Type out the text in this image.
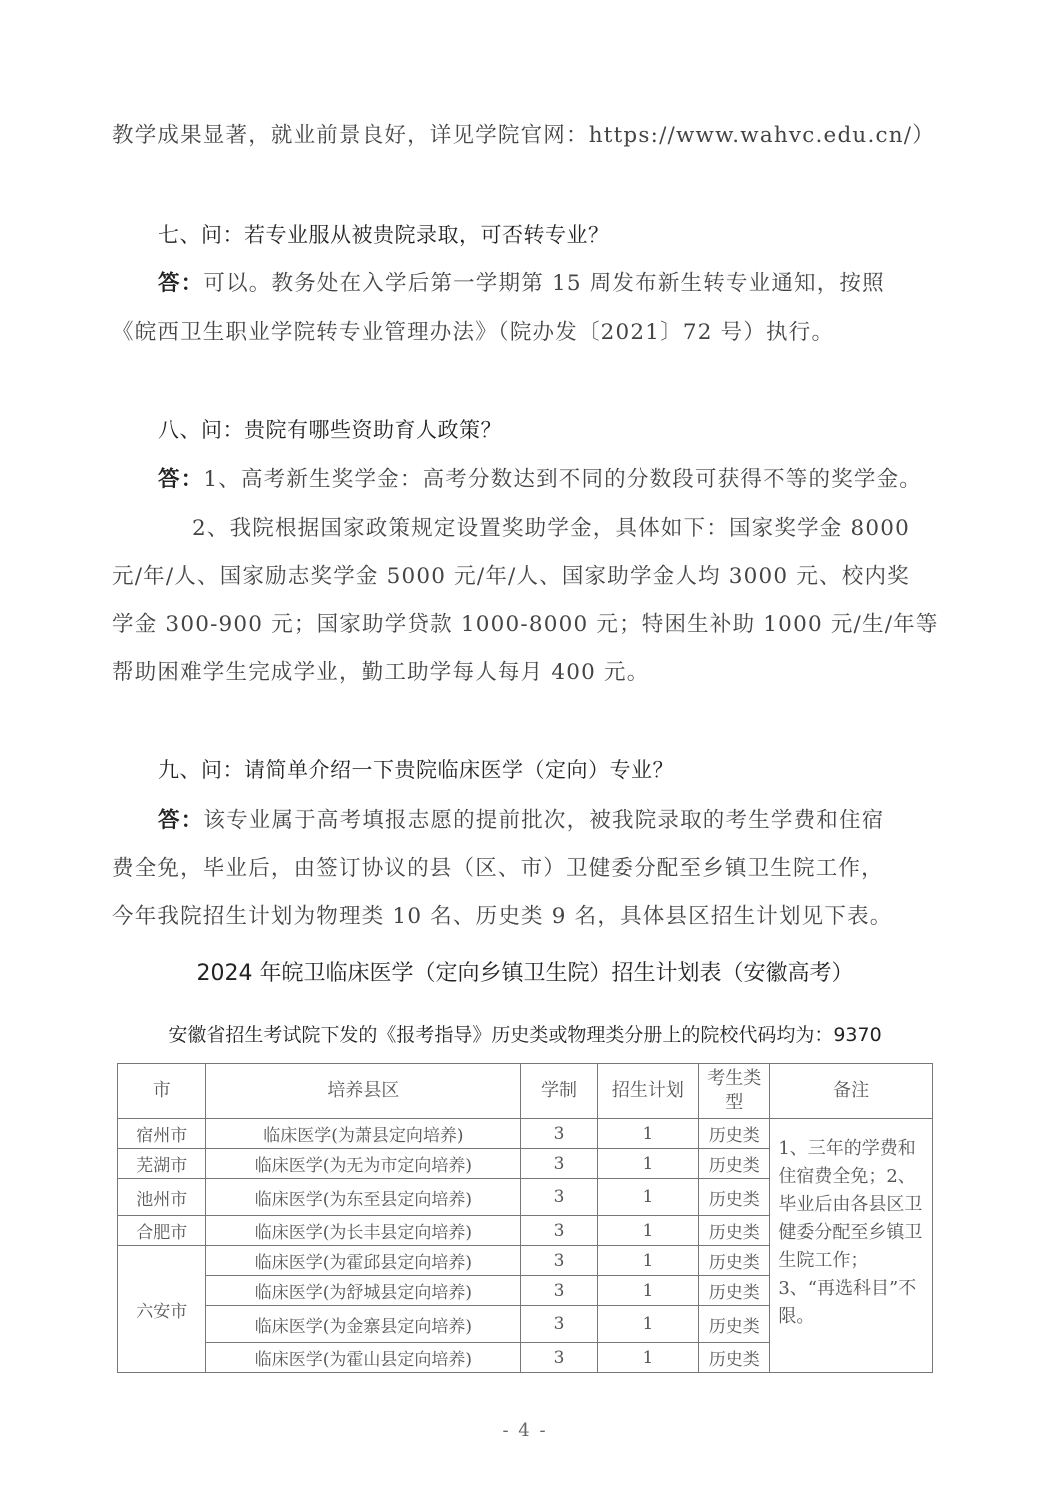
教学成果显著，就业前景良好，详见学院官网：https://www.wahvc.edu.cn/）
七、问：若专业服从被贵院录取，可否转专业？
答：可以。教务处在入学后第一学期第 15 周发布新生转专业通知，按照
《皖西卫生职业学院转专业管理办法》（院办发〔2021〕72 号）执行。
八、问：贵院有哪些资助育人政策？
答：1、高考新生奖学金：高考分数达到不同的分数段可获得不等的奖学金。
2、我院根据国家政策规定设置奖助学金，具体如下：国家奖学金 8000
元/年/人、国家励志奖学金 5000 元/年/人、国家助学金人均 3000 元、校内奖
学金 300-900 元；国家助学贷款 1000-8000 元；特困生补助 1000 元/生/年等
帮助困难学生完成学业，勤工助学每人每月 400 元。
九、问：请简单介绍一下贵院临床医学（定向）专业？
答：该专业属于高考填报志愿的提前批次，被我院录取的考生学费和住宿
费全免，毕业后，由签订协议的县（区、市）卫健委分配至乡镇卫生院工作，
今年我院招生计划为物理类 10 名、历史类 9 名，具体县区招生计划见下表。
2024 年皖卫临床医学（定向乡镇卫生院）招生计划表（安徽高考）
安徽省招生考试院下发的《报考指导》历史类或物理类分册上的院校代码均为：9370
市	培养县区	学制	招生计划	考生类型	备注
宿州市	临床医学(为萧县定向培养)	3	1	历史类	1、三年的学费和住宿费全免；2、毕业后由各县区卫健委分配至乡镇卫生院工作；3、“再选科目”不限。
芜湖市	临床医学(为无为市定向培养)	3	1	历史类	
池州市	临床医学(为东至县定向培养)	3	1	历史类	
合肥市	临床医学(为长丰县定向培养)	3	1	历史类	
六安市	临床医学(为霍邱县定向培养)	3	1	历史类	
	临床医学(为舒城县定向培养)	3	1	历史类	
	临床医学(为金寨县定向培养)	3	1	历史类	
	临床医学(为霍山县定向培养)	3	1	历史类	
- 4 -
